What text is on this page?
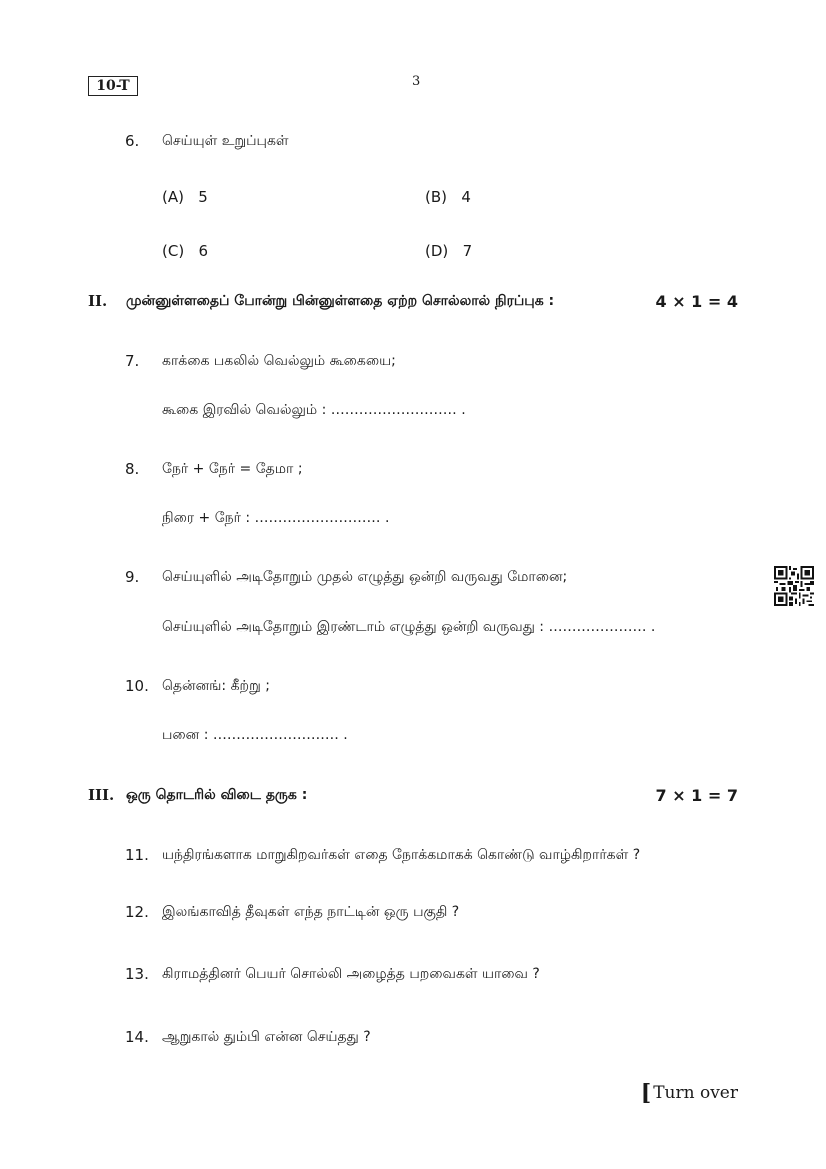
10-T	3
6. செய்யுள் உறுப்புகள்
(A) 5	(B) 4
(C) 6	(D) 7
II. முன்னுள்ளதைப் போன்று பின்னுள்ளதை ஏற்ற சொல்லால் நிரப்புக :	4 × 1 = 4
7. காக்கை பகலில் வெல்லும் கூகையை;
கூகை இரவில் வெல்லும் : ……………………… .
8. நேர் + நேர் = தேமா ;
நிரை + நேர் : ……………………… .
9. செய்யுளில் அடிதோறும் முதல் எழுத்து ஒன்றி வருவது மோனை;
செய்யுளில் அடிதோறும் இரண்டாம் எழுத்து ஒன்றி வருவது : ………………… .
10. தென்னங்: கீற்று ;
பனை : ……………………… .
III. ஒரு தொடரில் விடை தருக :	7 × 1 = 7
11. யந்திரங்களாக மாறுகிறவர்கள் எதை நோக்கமாகக் கொண்டு வாழ்கிறார்கள் ?
12. இலங்காவித் தீவுகள் எந்த நாட்டின் ஒரு பகுதி ?
13. கிராமத்தினர் பெயர் சொல்லி அழைத்த பறவைகள் யாவை ?
14. ஆறுகால் தும்பி என்ன செய்தது ?
[ Turn over
